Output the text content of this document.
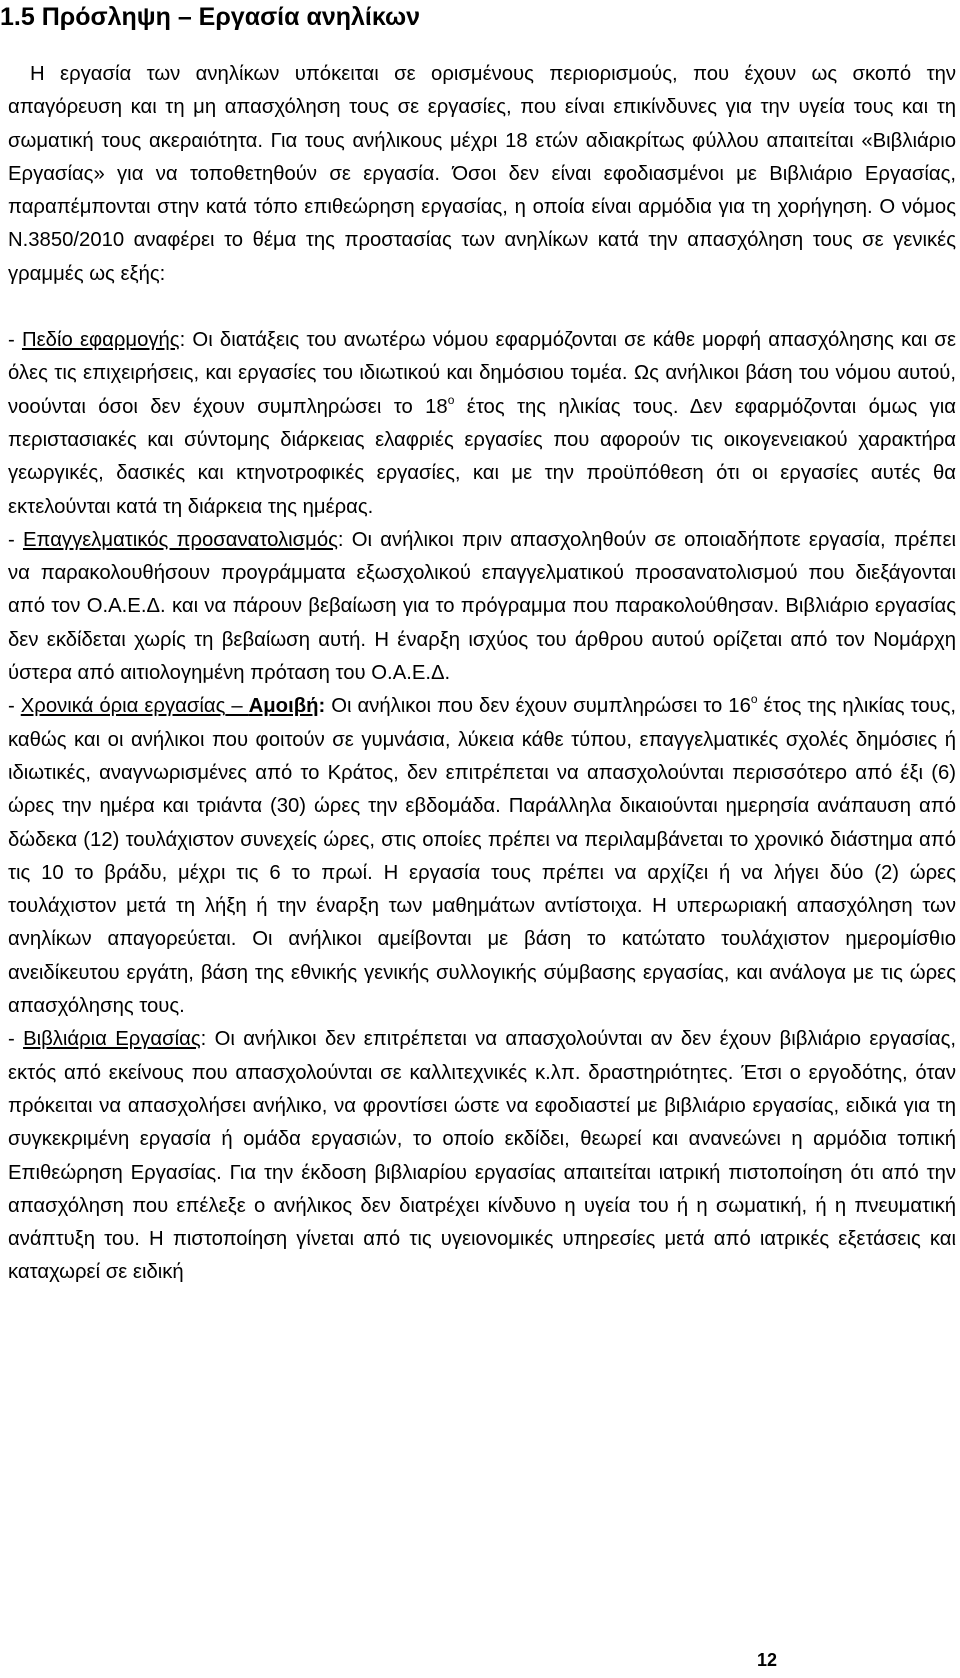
1.5 Πρόσληψη – Εργασία ανηλίκων

Η εργασία των ανηλίκων υπόκειται σε ορισμένους περιορισμούς, που έχουν ως σκοπό την απαγόρευση και τη μη απασχόληση τους σε εργασίες, που είναι επικίνδυνες για την υγεία τους και τη σωματική τους ακεραιότητα. Για τους ανήλικους μέχρι 18 ετών αδιακρίτως φύλλου απαιτείται «Βιβλιάριο Εργασίας» για να τοποθετηθούν σε εργασία. Όσοι δεν είναι εφοδιασμένοι με Βιβλιάριο Εργασίας, παραπέμπονται στην κατά τόπο επιθεώρηση εργασίας, η οποία είναι αρμόδια για τη χορήγηση. Ο νόμος Ν.3850/2010 αναφέρει το θέμα της προστασίας των ανηλίκων κατά την απασχόληση τους σε γενικές γραμμές ως εξής:

- Πεδίο εφαρμογής: Οι διατάξεις του ανωτέρω νόμου εφαρμόζονται σε κάθε μορφή απασχόλησης και σε όλες τις επιχειρήσεις, και εργασίες του ιδιωτικού και δημόσιου τομέα. Ως ανήλικοι βάση του νόμου αυτού, νοούνται όσοι δεν έχουν συμπληρώσει το $18^o$ έτος της ηλικίας τους. Δεν εφαρμόζονται όμως για περιστασιακές και σύντομης διάρκειας ελαφριές εργασίες που αφορούν τις οικογενειακού χαρακτήρα γεωργικές, δασικές και κτηνοτροφικές εργασίες, και με την προϋπόθεση ότι οι εργασίες αυτές θα εκτελούνται κατά τη διάρκεια της ημέρας.

- Επαγγελματικός προσανατολισμός: Οι ανήλικοι πριν απασχοληθούν σε οποιαδήποτε εργασία, πρέπει να παρακολουθήσουν προγράμματα εξωσχολικού επαγγελματικού προσανατολισμού που διεξάγονται από τον Ο.Α.Ε.Δ. και να πάρουν βεβαίωση για το πρόγραμμα που παρακολούθησαν. Βιβλιάριο εργασίας δεν εκδίδεται χωρίς τη βεβαίωση αυτή. Η έναρξη ισχύος του άρθρου αυτού ορίζεται από τον Νομάρχη ύστερα από αιτιολογημένη πρόταση του Ο.Α.Ε.Δ.

- Χρονικά όρια εργασίας – Αμοιβή: Οι ανήλικοι που δεν έχουν συμπληρώσει το $16^o$ έτος της ηλικίας τους, καθώς και οι ανήλικοι που φοιτούν σε γυμνάσια, λύκεια κάθε τύπου, επαγγελματικές σχολές δημόσιες ή ιδιωτικές, αναγνωρισμένες από το Κράτος, δεν επιτρέπεται να απασχολούνται περισσότερο από έξι (6) ώρες την ημέρα και τριάντα (30) ώρες την εβδομάδα. Παράλληλα δικαιούνται ημερησία ανάπαυση από δώδεκα (12) τουλάχιστον συνεχείς ώρες, στις οποίες πρέπει να περιλαμβάνεται το χρονικό διάστημα από τις 10 το βράδυ, μέχρι τις 6 το πρωί. Η εργασία τους πρέπει να αρχίζει ή να λήγει δύο (2) ώρες τουλάχιστον μετά τη λήξη ή την έναρξη των μαθημάτων αντίστοιχα. Η υπερωριακή απασχόληση των ανηλίκων απαγορεύεται. Οι ανήλικοι αμείβονται με βάση το κατώτατο τουλάχιστον ημερομίσθιο ανειδίκευτου εργάτη, βάση της εθνικής γενικής συλλογικής σύμβασης εργασίας, και ανάλογα με τις ώρες απασχόλησης τους.

- Βιβλιάρια Εργασίας: Οι ανήλικοι δεν επιτρέπεται να απασχολούνται αν δεν έχουν βιβλιάριο εργασίας, εκτός από εκείνους που απασχολούνται σε καλλιτεχνικές κ.λπ. δραστηριότητες. Έτσι ο εργοδότης, όταν πρόκειται να απασχολήσει ανήλικο, να φροντίσει ώστε να εφοδιαστεί με βιβλιάριο εργασίας, ειδικά για τη συγκεκριμένη εργασία ή ομάδα εργασιών, το οποίο εκδίδει, θεωρεί και ανανεώνει η αρμόδια τοπική Επιθεώρηση Εργασίας. Για την έκδοση βιβλιαρίου εργασίας απαιτείται ιατρική πιστοποίηση ότι από την απασχόληση που επέλεξε ο ανήλικος δεν διατρέχει κίνδυνο η υγεία του ή η σωματική, ή η πνευματική ανάπτυξη του. Η πιστοποίηση γίνεται από τις υγειονομικές υπηρεσίες μετά από ιατρικές εξετάσεις και καταχωρεί σε ειδική

12
